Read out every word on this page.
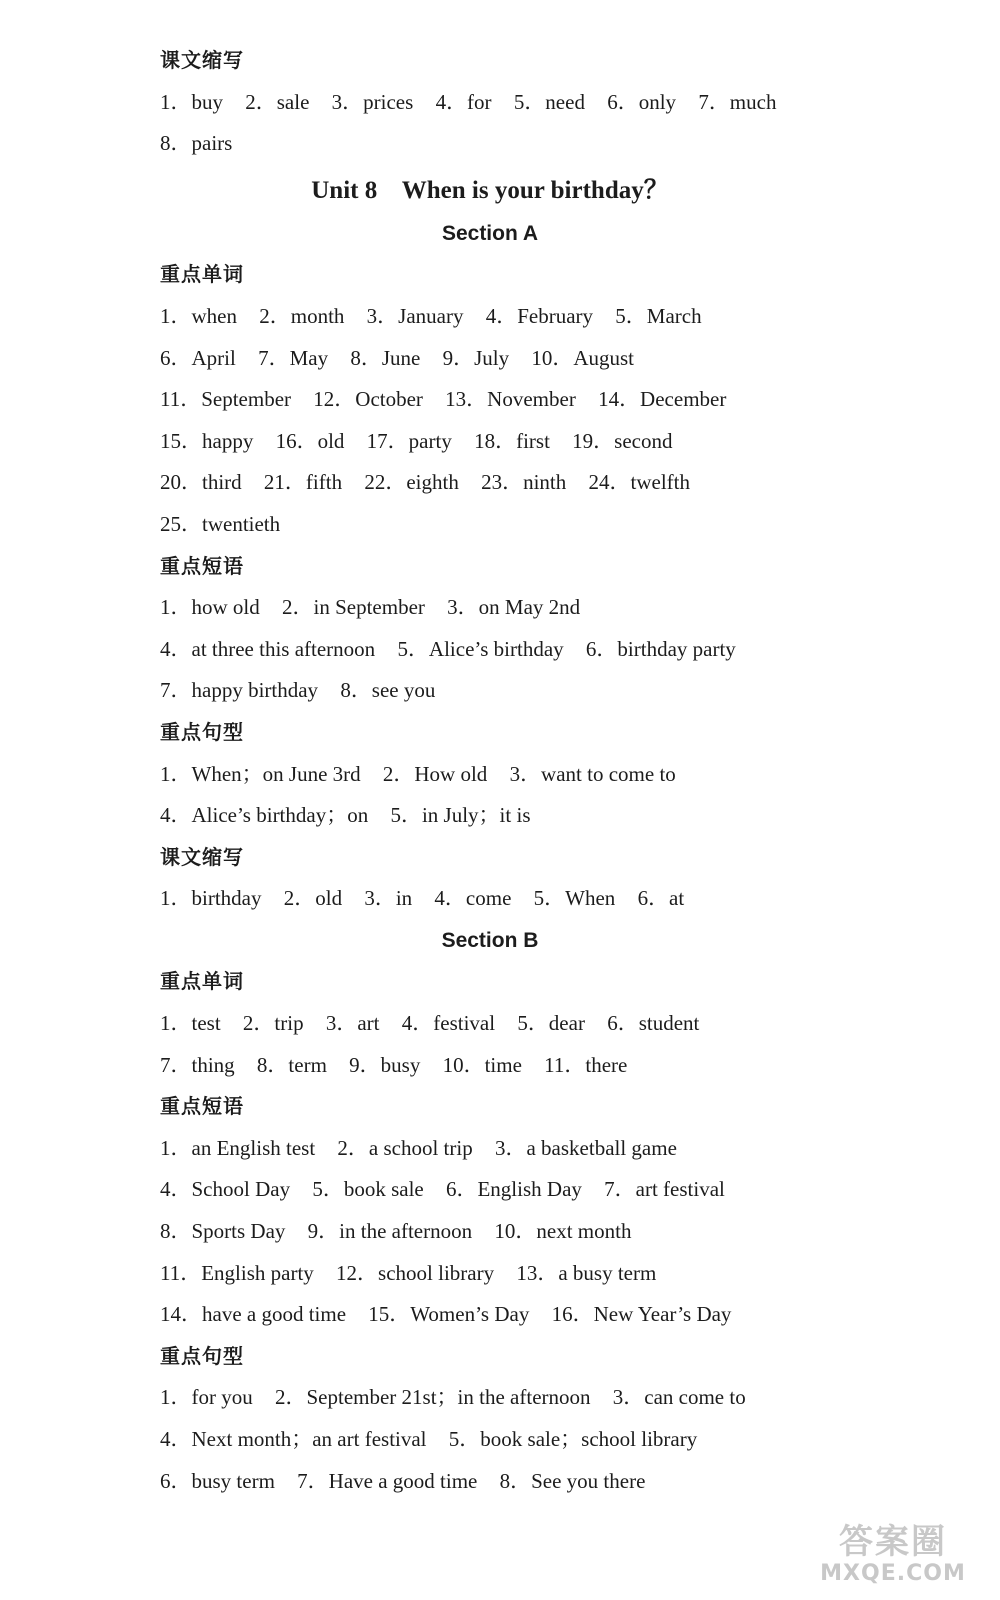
课文缩写
1．buy 2．sale 3．prices 4．for 5．need 6．only 7．much
8．pairs
Unit 8    When is your birthday？
Section A
重点单词
1．when 2．month 3．January 4．February 5．March
6．April 7．May 8．June 9．July 10．August
11．September 12．October 13．November 14．December
15．happy 16．old 17．party 18．first 19．second
20．third 21．fifth 22．eighth 23．ninth 24．twelfth
25．twentieth
重点短语
1．how old 2．in September 3．on May 2nd
4．at three this afternoon 5．Alice’s birthday 6．birthday party
7．happy birthday 8．see you
重点句型
1．When；on June 3rd 2．How old 3．want to come to
4．Alice’s birthday；on 5．in July；it is
课文缩写
1．birthday 2．old 3．in 4．come 5．When 6．at
Section B
重点单词
1．test 2．trip 3．art 4．festival 5．dear 6．student
7．thing 8．term 9．busy 10．time 11．there
重点短语
1．an English test 2．a school trip 3．a basketball game
4．School Day 5．book sale 6．English Day 7．art festival
8．Sports Day 9．in the afternoon 10．next month
11．English party 12．school library 13．a busy term
14．have a good time 15．Women’s Day 16．New Year’s Day
重点句型
1．for you 2．September 21st；in the afternoon 3．can come to
4．Next month；an art festival 5．book sale；school library
6．busy term 7．Have a good time 8．See you there
答案圈
MXQE.COM
